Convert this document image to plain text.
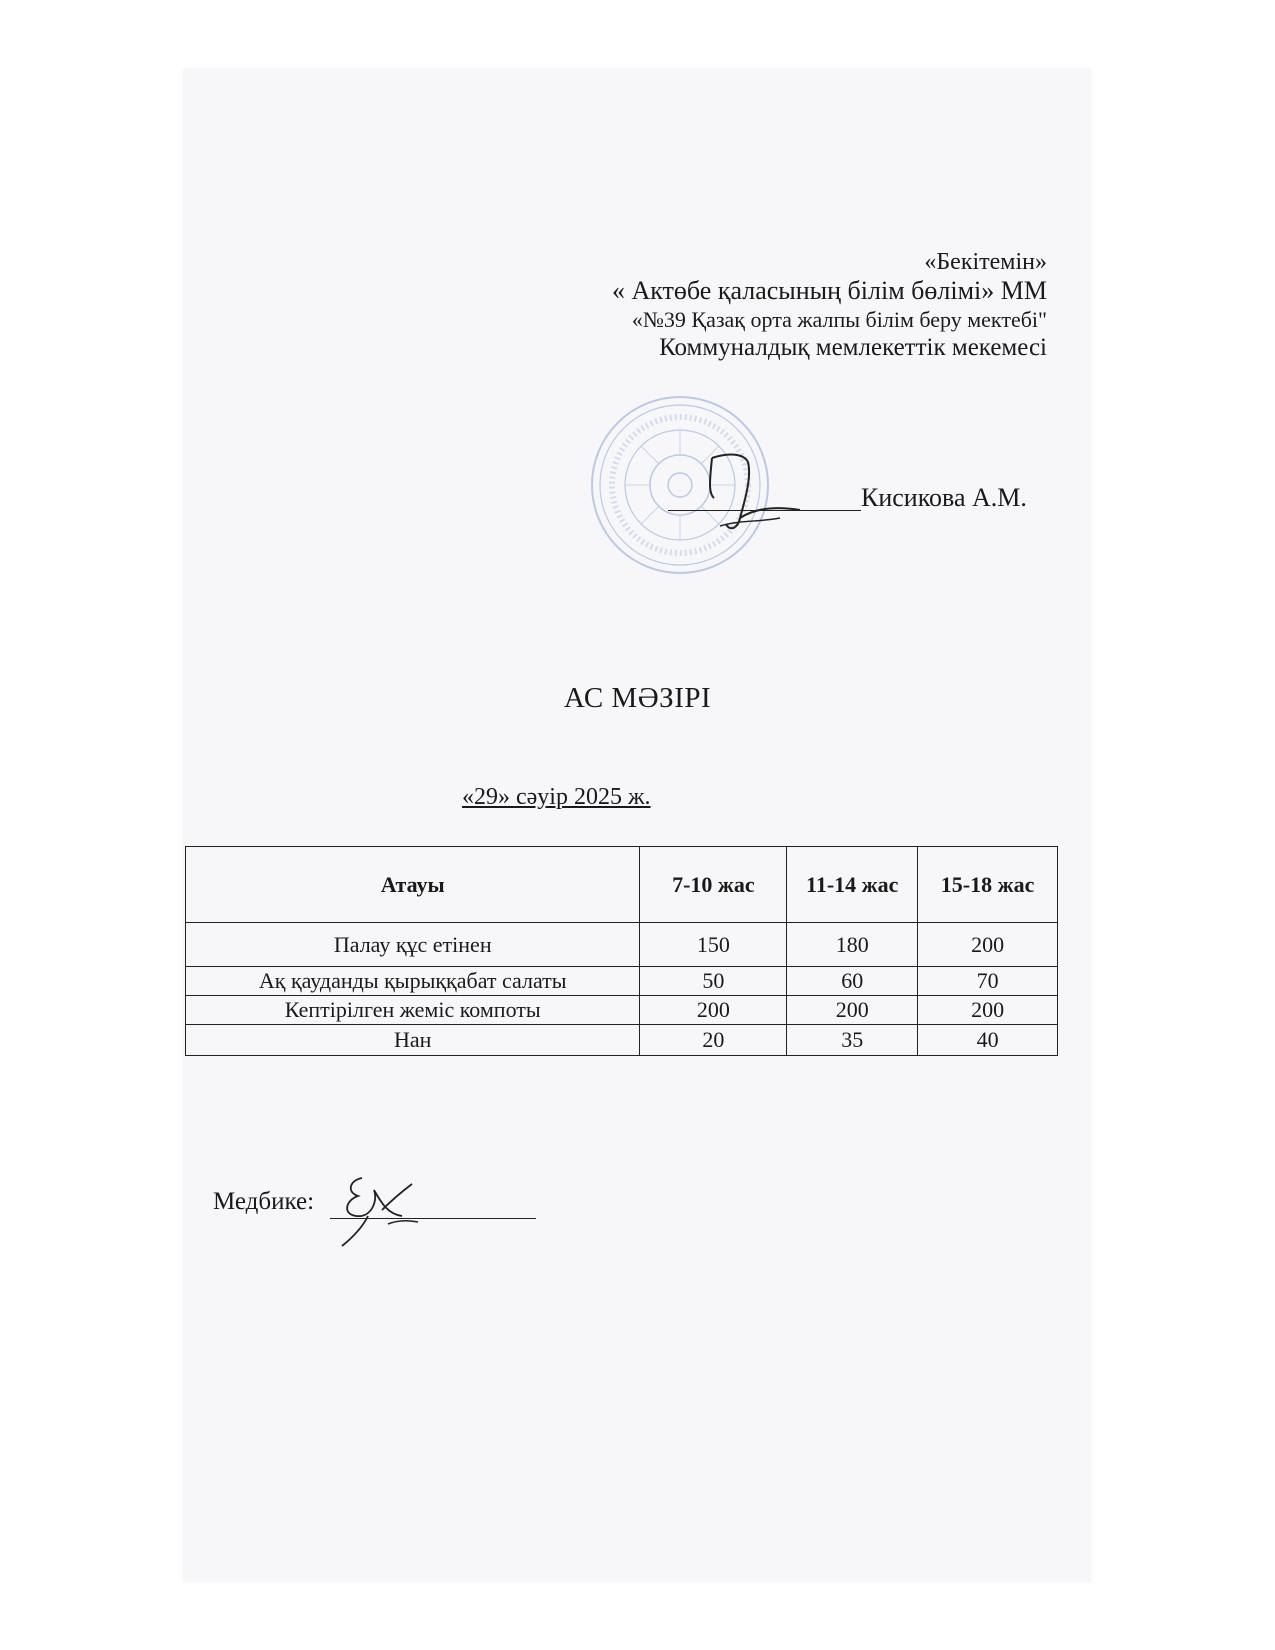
«Бекітемін»
« Актөбе қаласының білім бөлімі» ММ
«№39 Қазақ орта жалпы білім беру мектебі"
Коммуналдық мемлекеттік мекемесі
Кисикова А.М.
АС МӘЗІРІ
«29» сәуір 2025 ж.
Атауы	7-10 жас	11-14 жас	15-18 жас
Палау құс етінен	150	180	200
Ақ қауданды қырыққабат салаты	50	60	70
Кептірілген жеміс компоты	200	200	200
Нан	20	35	40
Медбике:
